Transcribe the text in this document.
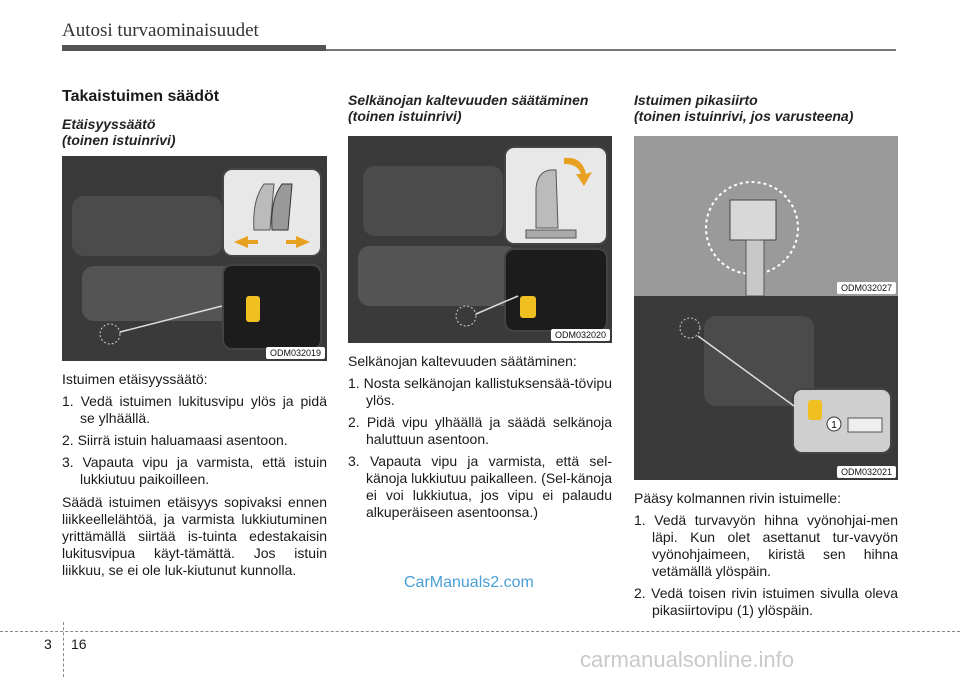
Autosi turvaominaisuudet
Takaistuimen säädöt
Etäisyyssäätö
(toinen istuinrivi)
ODM032019

Istuimen etäisyyssäätö:

1. Vedä istuimen lukitusvipu ylös ja pidä se ylhäällä.
2. Siirrä istuin haluamaasi asentoon.
3. Vapauta vipu ja varmista, että istuin lukkiutuu paikoilleen.

Säädä istuimen etäisyys sopivaksi ennen liikkeellelähtöä, ja varmista lukkiutuminen yrittämällä siirtää is-tuinta edestakaisin lukitusvipua käyt-tämättä. Jos istuin liikkuu, se ei ole luk-kiutunut kunnolla.

Selkänojan kaltevuuden säätäminen
(toinen istuinrivi)
ODM032020

Selkänojan kaltevuuden säätäminen:

1. Nosta selkänojan kallistuksensää-tövipu ylös.
2. Pidä vipu ylhäällä ja säädä selkänoja haluttuun asentoon.
3. Vapauta vipu ja varmista, että sel-känoja lukkiutuu paikalleen. (Sel-känoja ei voi lukkiutua, jos vipu ei palaudu alkuperäiseen asentoonsa.)
Istuimen pikasiirto
(toinen istuinrivi, jos varusteena)
ODM032027
1
ODM032021

Pääsy kolmannen rivin istuimelle:

1. Vedä turvavyön hihna vyönohjai-men läpi. Kun olet asettanut tur-vavyön vyönohjaimeen, kiristä sen hihna vetämällä ylöspäin.
2. Vedä toisen rivin istuimen sivulla oleva pikasiirtovipu (1) ylöspäin.
CarManuals2.com
3 16
carmanualsonline.info
